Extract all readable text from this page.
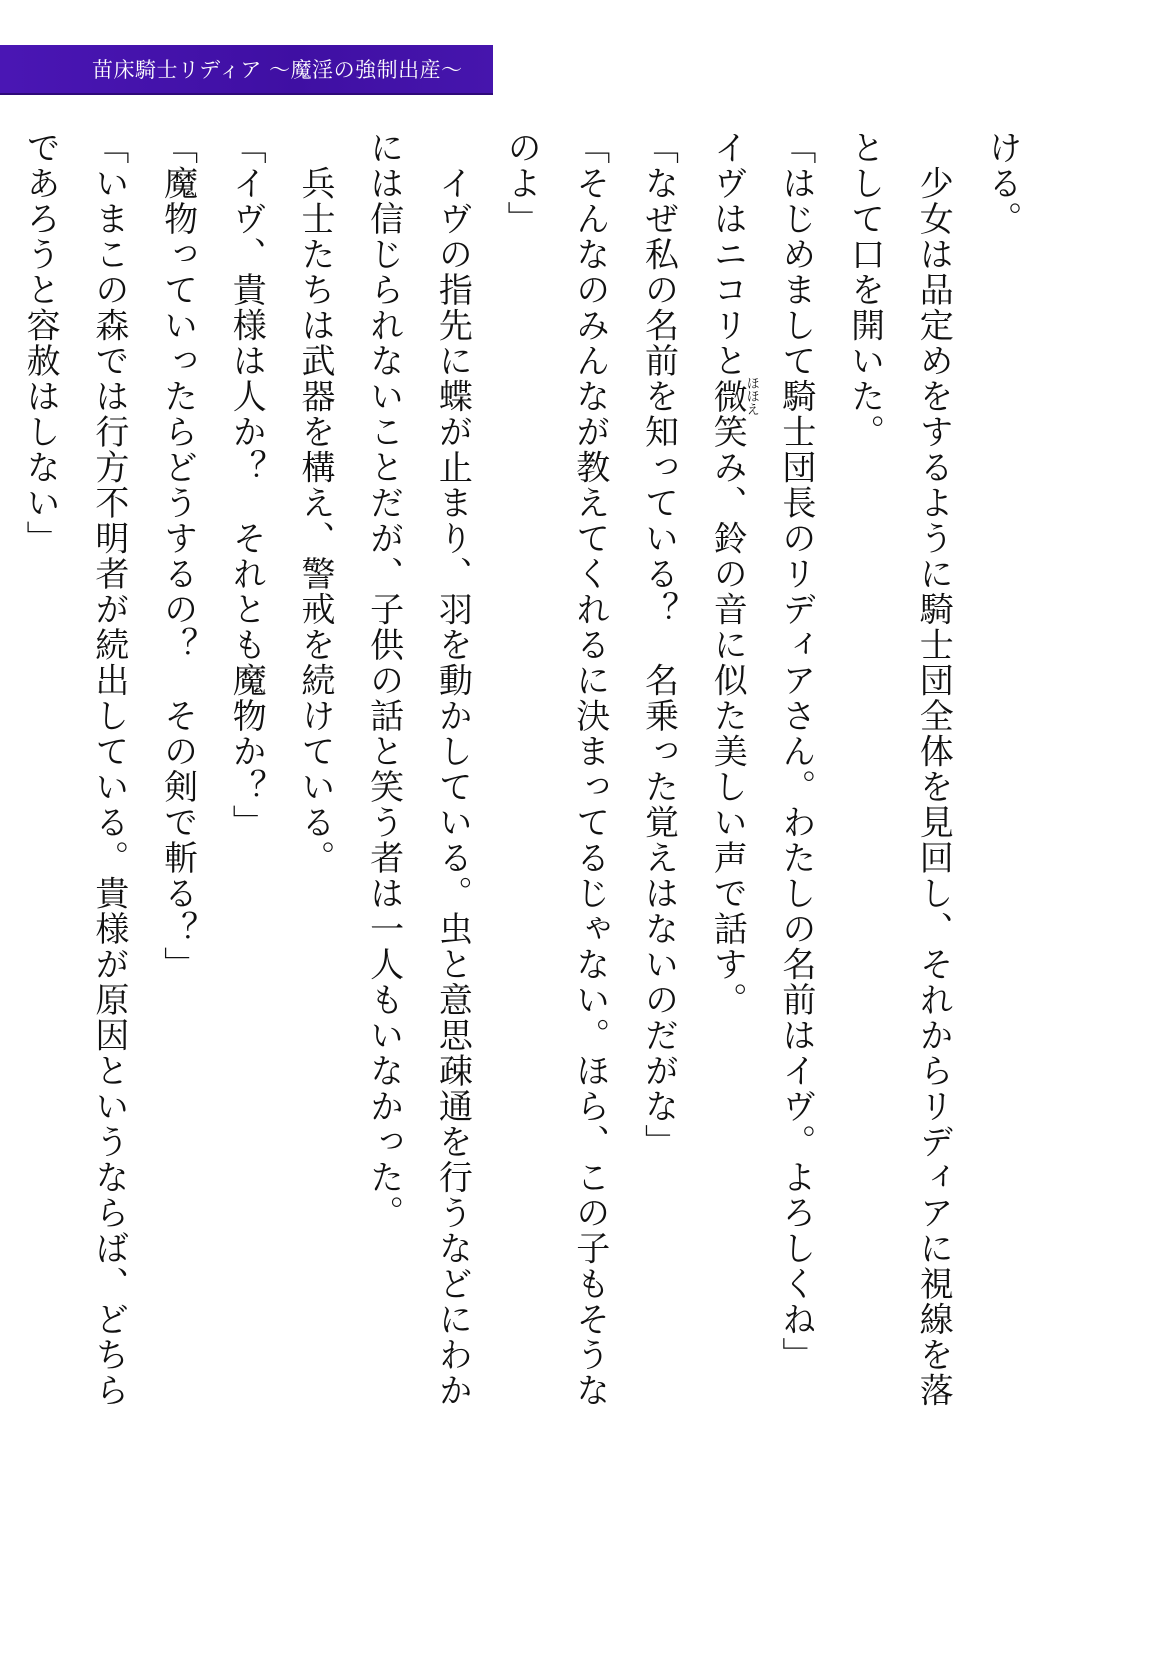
苗床騎士リディア 〜魔淫の強制出産〜
ける。
　少女は品定めをするように騎士団全体を見回し、それからリディアに視線を落
として口を開いた。
「はじめまして騎士団長のリディアさん。わたしの名前はイヴ。よろしくね」
イヴはニコリと微ほほえ笑み、鈴の音に似た美しい声で話す。
「なぜ私の名前を知っている？　名乗った覚えはないのだがな」
「そんなのみんなが教えてくれるに決まってるじゃない。ほら、この子もそうな
のよ」
　イヴの指先に蝶が止まり、羽を動かしている。虫と意思疎通を行うなどにわか
には信じられないことだが、子供の話と笑う者は一人もいなかった。
　兵士たちは武器を構え、警戒を続けている。
「イヴ、貴様は人か？　それとも魔物か？」
「魔物っていったらどうするの？　その剣で斬る？」
「いまこの森では行方不明者が続出している。貴様が原因というならば、どちら
であろうと容赦はしない」
